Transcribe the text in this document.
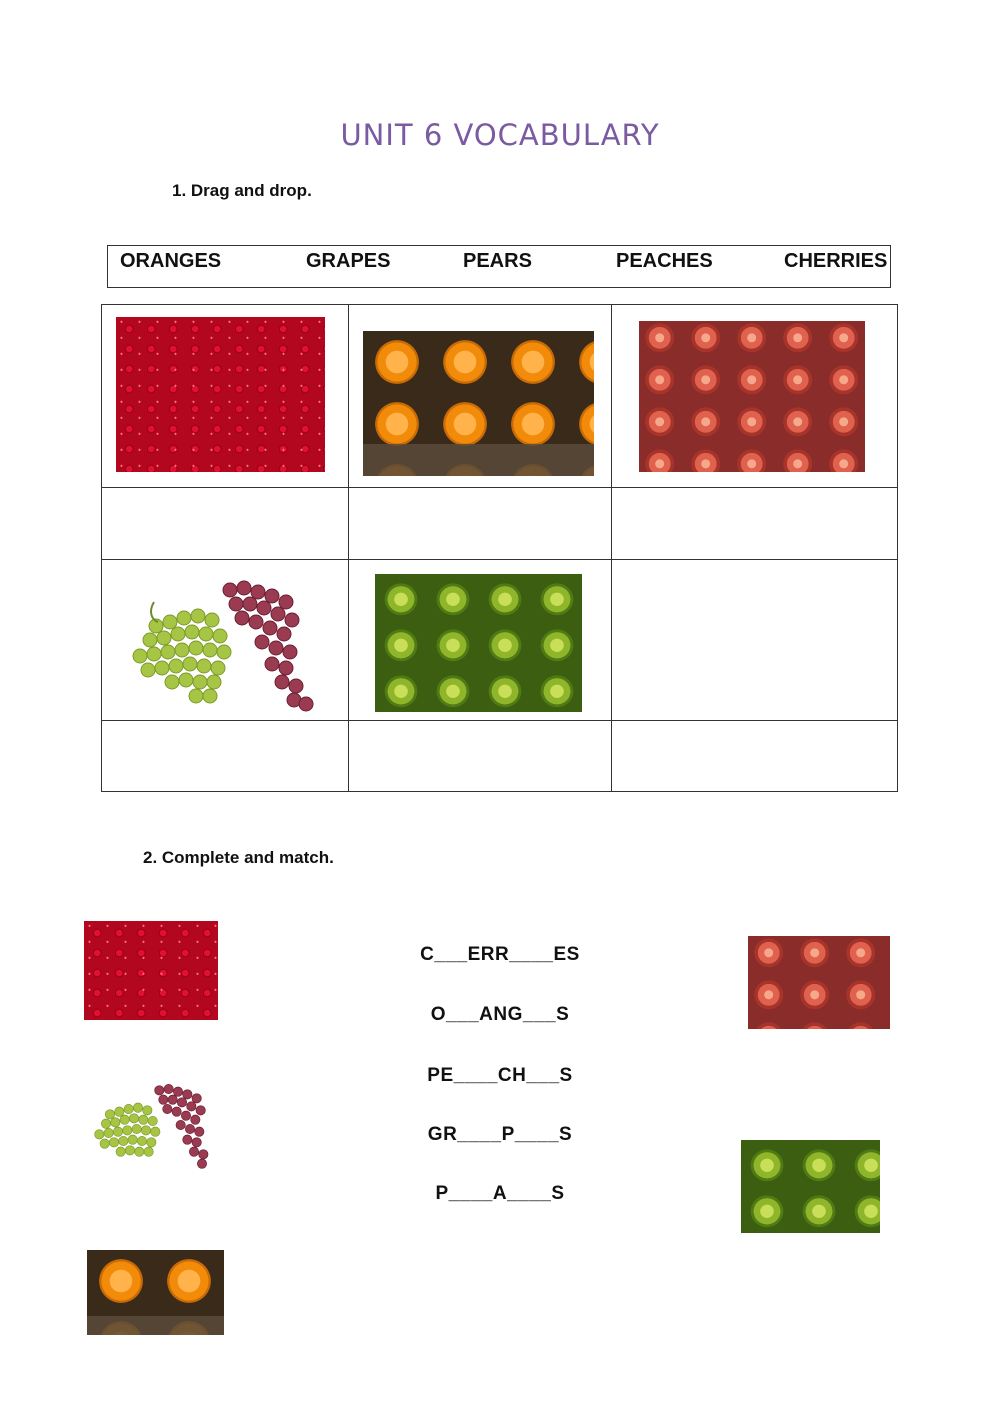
UNIT 6 VOCABULARY
1. Drag and drop.
ORANGES	GRAPES	PEARS	PEACHES	CHERRIES

2. Complete and match.
C___ERR____ES
O___ANG___S
PE____CH___S
GR____P____S
P____A____S
